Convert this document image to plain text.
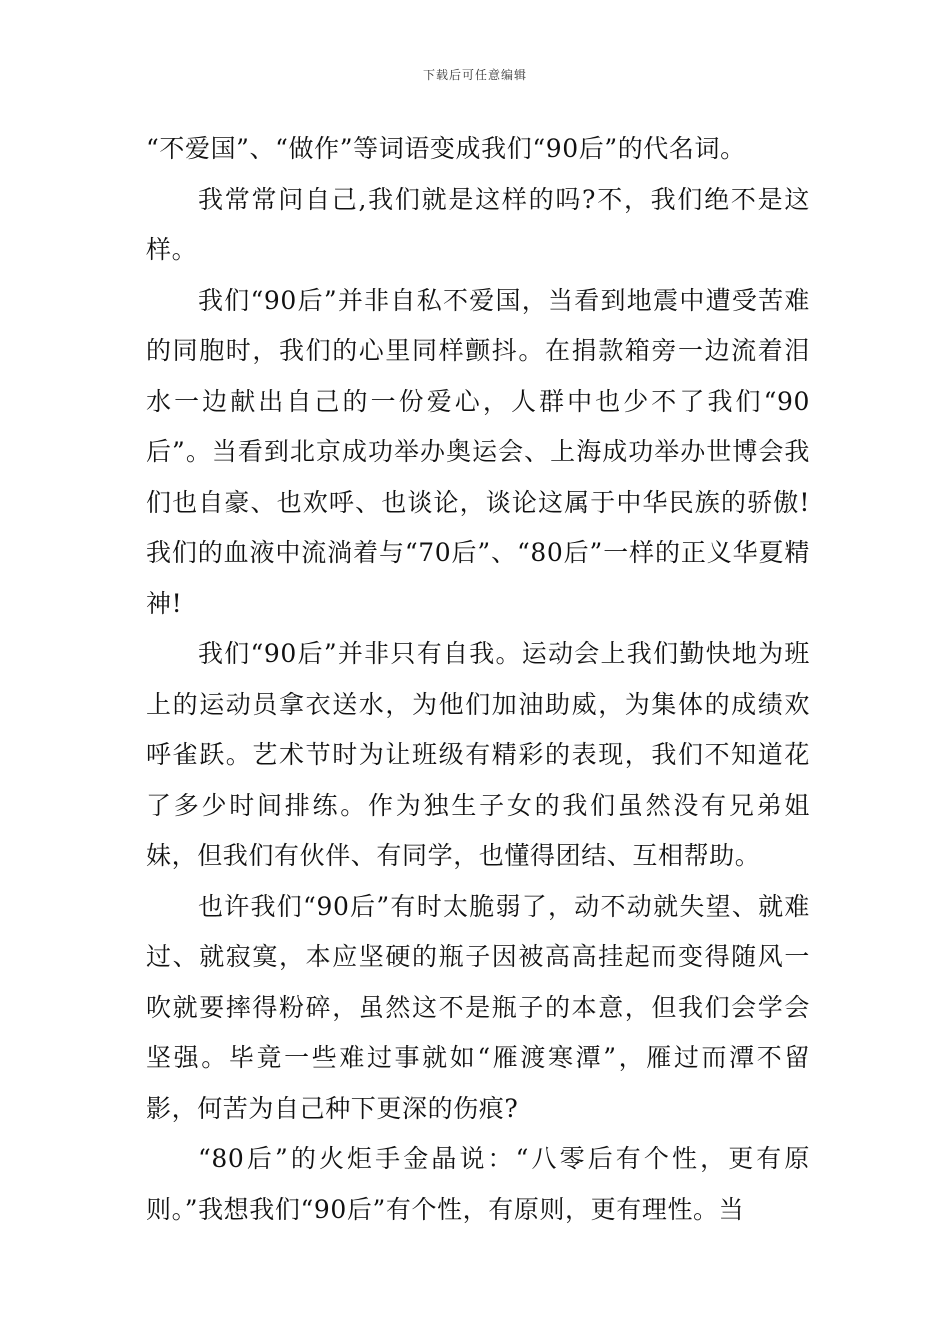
下载后可任意编辑

“不爱国”、“做作”等词语变成我们“90后”的代名词。

我常常问自己,我们就是这样的吗?不，我们绝不是这样。

我们“90后”并非自私不爱国，当看到地震中遭受苦难的同胞时，我们的心里同样颤抖。在捐款箱旁一边流着泪水一边献出自己的一份爱心，人群中也少不了我们“90后”。当看到北京成功举办奥运会、上海成功举办世博会我们也自豪、也欢呼、也谈论，谈论这属于中华民族的骄傲!我们的血液中流淌着与“70后”、“80后”一样的正义华夏精神!

我们“90后”并非只有自我。运动会上我们勤快地为班上的运动员拿衣送水，为他们加油助威，为集体的成绩欢呼雀跃。艺术节时为让班级有精彩的表现，我们不知道花了多少时间排练。作为独生子女的我们虽然没有兄弟姐妹，但我们有伙伴、有同学，也懂得团结、互相帮助。

也许我们“90后”有时太脆弱了，动不动就失望、就难过、就寂寞，本应坚硬的瓶子因被高高挂起而变得随风一吹就要摔得粉碎，虽然这不是瓶子的本意，但我们会学会坚强。毕竟一些难过事就如“雁渡寒潭”，雁过而潭不留影，何苦为自己种下更深的伤痕?

“80后”的火炬手金晶说：“八零后有个性，更有原则。”我想我们“90后”有个性，有原则，更有理性。当
